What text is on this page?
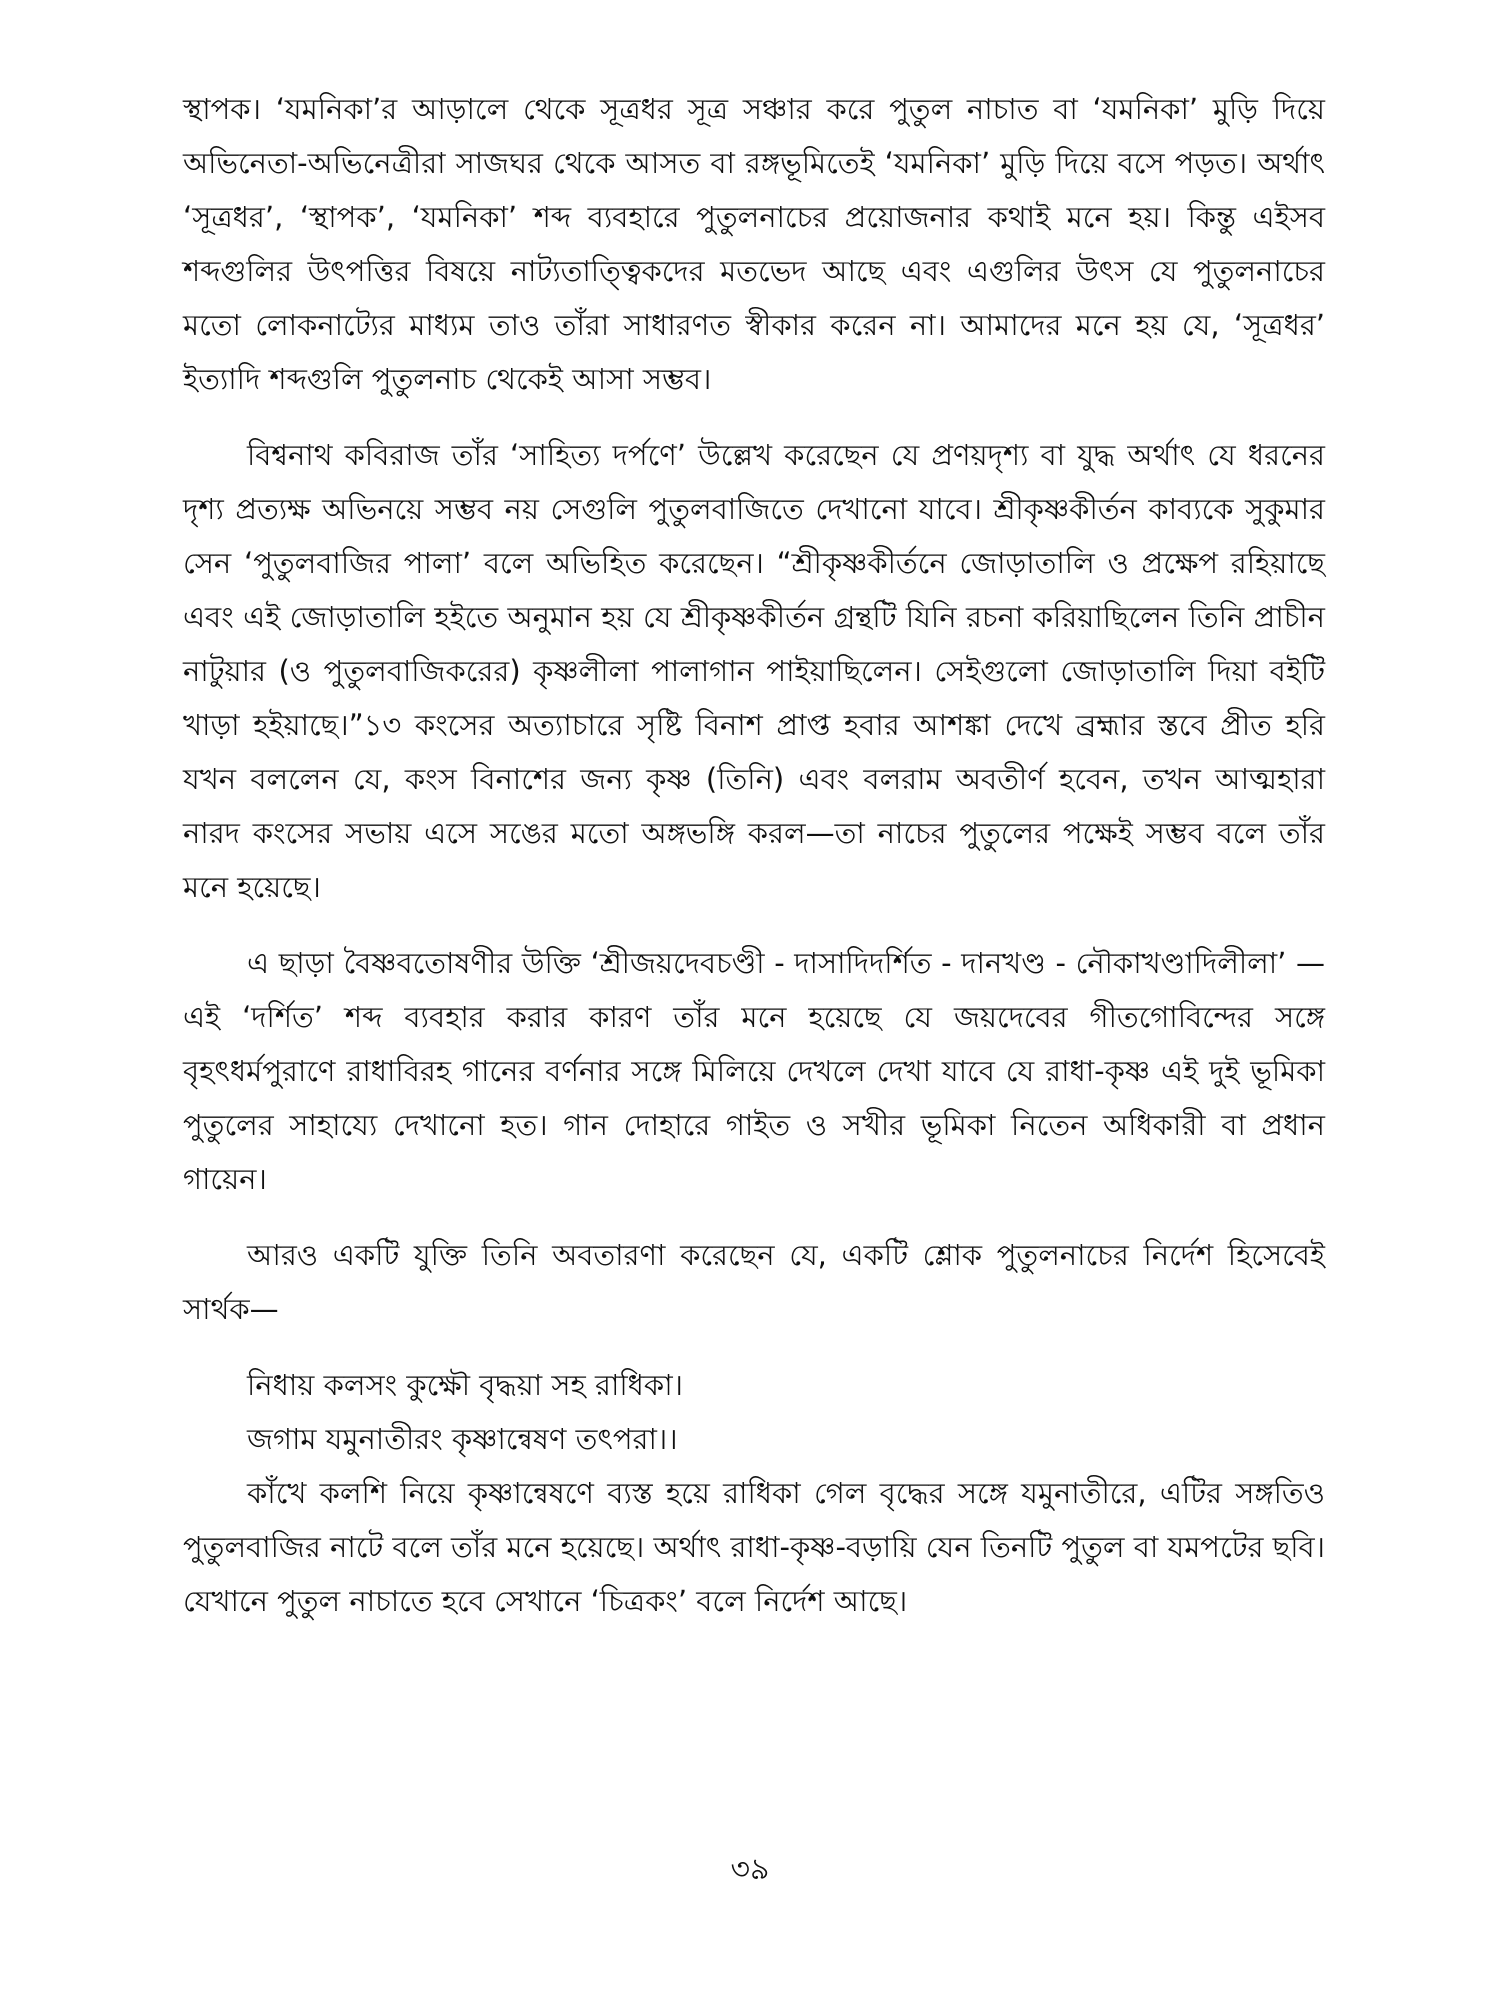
স্থাপক। ‘যমনিকা’র আড়ালে থেকে সূত্রধর সূত্র সঞ্চার করে পুতুল নাচাত বা ‘যমনিকা’ মুড়ি দিয়ে অভিনেতা-অভিনেত্রীরা সাজঘর থেকে আসত বা রঙ্গভূমিতেই ‘যমনিকা’ মুড়ি দিয়ে বসে পড়ত। অর্থাৎ ‘সূত্রধর’, ‘স্থাপক’, ‘যমনিকা’ শব্দ ব্যবহারে পুতুলনাচের প্রয়োজনার কথাই মনে হয়। কিন্তু এইসব শব্দগুলির উৎপত্তির বিষয়ে নাট্যতাত্ত্বিকদের মতভেদ আছে এবং এগুলির উৎস যে পুতুলনাচের মতো লোকনাট্যের মাধ্যম তাও তাঁরা সাধারণত স্বীকার করেন না। আমাদের মনে হয় যে, ‘সূত্রধর’ ইত্যাদি শব্দগুলি পুতুলনাচ থেকেই আসা সম্ভব।

বিশ্বনাথ কবিরাজ তাঁর ‘সাহিত্য দর্পণে’ উল্লেখ করেছেন যে প্রণয়দৃশ্য বা যুদ্ধ অর্থাৎ যে ধরনের দৃশ্য প্রত্যক্ষ অভিনয়ে সম্ভব নয় সেগুলি পুতুলবাজিতে দেখানো যাবে। শ্রীকৃষ্ণকীর্তন কাব্যকে সুকুমার সেন ‘পুতুলবাজির পালা’ বলে অভিহিত করেছেন। “শ্রীকৃষ্ণকীর্তনে জোড়াতালি ও প্রক্ষেপ রহিয়াছে এবং এই জোড়াতালি হইতে অনুমান হয় যে শ্রীকৃষ্ণকীর্তন গ্রন্থটি যিনি রচনা করিয়াছিলেন তিনি প্রাচীন নাটুয়ার (ও পুতুলবাজিকরের) কৃষ্ণলীলা পালাগান পাইয়াছিলেন। সেইগুলো জোড়াতালি দিয়া বইটি খাড়া হইয়াছে।”১৩ কংসের অত্যাচারে সৃষ্টি বিনাশ প্রাপ্ত হবার আশঙ্কা দেখে ব্রহ্মার স্তবে প্রীত হরি যখন বললেন যে, কংস বিনাশের জন্য কৃষ্ণ (তিনি) এবং বলরাম অবতীর্ণ হবেন, তখন আত্মহারা নারদ কংসের সভায় এসে সঙের মতো অঙ্গভঙ্গি করল—তা নাচের পুতুলের পক্ষেই সম্ভব বলে তাঁর মনে হয়েছে।

এ ছাড়া বৈষ্ণবতোষণীর উক্তি ‘শ্রীজয়দেবচণ্ডী - দাসাদিদর্শিত - দানখণ্ড - নৌকাখণ্ডাদিলীলা’ — এই ‘দর্শিত’ শব্দ ব্যবহার করার কারণ তাঁর মনে হয়েছে যে জয়দেবের গীতগোবিন্দের সঙ্গে বৃহৎধর্মপুরাণে রাধাবিরহ গানের বর্ণনার সঙ্গে মিলিয়ে দেখলে দেখা যাবে যে রাধা-কৃষ্ণ এই দুই ভূমিকা পুতুলের সাহায্যে দেখানো হত। গান দোহারে গাইত ও সখীর ভূমিকা নিতেন অধিকারী বা প্রধান গায়েন।

আরও একটি যুক্তি তিনি অবতারণা করেছেন যে, একটি শ্লোক পুতুলনাচের নির্দেশ হিসেবেই সার্থক—

নিধায় কলসং কুক্ষৌ বৃদ্ধয়া সহ রাধিকা।
জগাম যমুনাতীরং কৃষ্ণান্বেষণ তৎপরা।।

কাঁখে কলশি নিয়ে কৃষ্ণান্বেষণে ব্যস্ত হয়ে রাধিকা গেল বৃদ্ধের সঙ্গে যমুনাতীরে, এটির সঙ্গতিও পুতুলবাজির নাটে বলে তাঁর মনে হয়েছে। অর্থাৎ রাধা-কৃষ্ণ-বড়ায়ি যেন তিনটি পুতুল বা যমপটের ছবি। যেখানে পুতুল নাচাতে হবে সেখানে ‘চিত্রকং’ বলে নির্দেশ আছে।

৩৯
